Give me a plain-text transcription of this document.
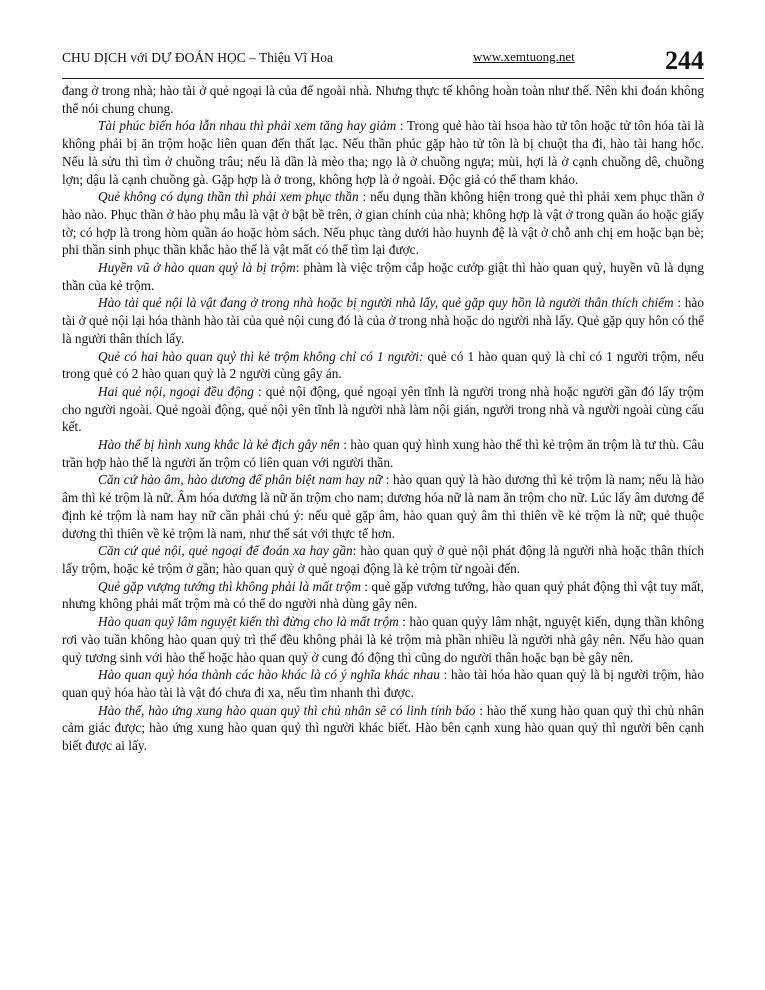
CHU DỊCH với DỰ ĐOÁN HỌC – Thiệu Vĩ Hoa	www.xemtuong.net	244

đang ở trong nhà; hào tài ở quẻ ngoại là của để ngoài nhà. Nhưng thực tế không hoàn toàn như thế. Nên khi đoán không thể nói chung chung.

Tài phúc biến hóa lẫn nhau thì phải xem tăng hay giảm : Trong quẻ hào tài hsoa hào tử tôn hoặc tử tôn hóa tài là không phải bị ăn trộm hoặc liên quan đến thất lạc. Nếu thần phúc gặp hào tử tôn là bị chuột tha đi, hào tài hang hốc. Nếu là sửu thì tìm ở chuồng trâu; nếu là dần là mèo tha; ngọ là ở chuồng ngựa; mùi, hợi là ở cạnh chuồng dê, chuồng lợn; dậu là cạnh chuồng gà. Gặp hợp là ở trong, không hợp là ở ngoài. Độc giả có thể tham khảo.

Quẻ không có dụng thần thì phải xem phục thần : nếu dụng thần không hiện trong quẻ thì phải xem phục thần ở hào nào. Phục thần ở hào phụ mẫu là vật ở bật bề trên, ở gian chính của nhà; không hợp là vật ở trong quần áo hoặc giấy tờ; có hợp là trong hòm quần áo hoặc hòm sách. Nếu phục tàng dưới hào huynh đệ là vật ở chỗ anh chị em hoặc bạn bè; phi thần sinh phục thần khắc hào thế là vật mất có thể tìm lại được.

Huyền vũ ở hào quan quỷ là bị trộm: phàm là việc trộm cắp hoặc cướp giật thì hào quan quỷ, huyền vũ là dụng thần của kẻ trộm.

Hào tài quẻ nội là vật đang ở trong nhà hoặc bị người nhà lấy, quẻ gặp quy hồn là người thân thích chiếm : hào tài ở quẻ nội lại hóa thành hào tài của quẻ nội cung đó là của ở trong nhà hoặc do người nhà lấy. Quẻ gặp quy hôn có thể là người thân thích lấy.

Quẻ có hai hào quan quỷ thì kẻ trộm không chỉ có 1 người: quẻ có 1 hào quan quỷ là chỉ có 1 người trộm, nếu trong quẻ có 2 hào quan quỷ là 2 người cùng gây án.

Hai quẻ nội, ngoại đều động : quẻ nội động, quẻ ngoại yên tĩnh là người trong nhà hoặc người gần đó lấy trộm cho người ngoài. Quẻ ngoài động, quẻ nội yên tĩnh là người nhà làm nội gián, người trong nhà và người ngoài cùng cấu kết.

Hào thế bị hình xung khắc là kẻ địch gây nên : hào quan quỷ hình xung hào thế thì kẻ trộm ăn trộm là tư thù. Câu trần hợp hào thế là người ăn trộm có liên quan với người thần.

Căn cứ hào âm, hào dương để phân biệt nam hay nữ : hào quan quỷ là hào dương thì kẻ trộm là nam; nếu là hào âm thì kẻ trộm là nữ. Âm hóa dương là nữ ăn trộm cho nam; dương hóa nữ là nam ăn trộm cho nữ. Lúc lấy âm dương để định kẻ trộm là nam hay nữ cần phải chú ý: nếu quẻ gặp âm, hào quan quỷ âm thì thiên về kẻ trộm là nữ; quẻ thuộc dương thì thiên về kẻ trộm là nam, như thế sát với thực tế hơn.

Căn cứ quẻ nội, quẻ ngoại để đoán xa hay gần: hào quan quỷ ở quẻ nội phát động là người nhà hoặc thân thích lấy trộm, hoặc kẻ trộm ở gần; hào quan quỷ ở quẻ ngoại động là kẻ trộm từ ngoài đến.

Quẻ gặp vượng tướng thì không phải là mất trộm : quẻ gặp vương tướng, hào quan quỷ phát động thì vật tuy mất, nhưng không phải mất trộm mà có thể do người nhà dùng gây nên.

Hào quan quỷ lâm nguyệt kiến thì đừng cho là mất trộm : hào quan quỷy lâm nhật, nguyệt kiến, dụng thần không rơi vào tuần không hào quan quỷ trì thế đều không phải là kẻ trộm mà phần nhiều là người nhà gây nên. Nếu hào quan quỷ tương sinh với hào thế hoặc hào quan quỷ ở cung đó động thì cũng do người thân hoặc bạn bè gây nên.

Hào quan quỷ hóa thành các hào khác là có ý nghĩa khác nhau : hào tài hóa hào quan quỷ là bị người trộm, hào quan quỷ hóa hào tài là vật đó chưa đi xa, nếu tìm nhanh thì được.

Hào thế, hào ứng xung hào quan quỷ thì chủ nhân sẽ có linh tính báo : hào thế xung hào quan quỷ thì chủ nhân cảm giác được; hào ứng xung hào quan quỷ thì người khác biết. Hào bên cạnh xung hào quan quỷ thì người bên cạnh biết được ai lấy.
